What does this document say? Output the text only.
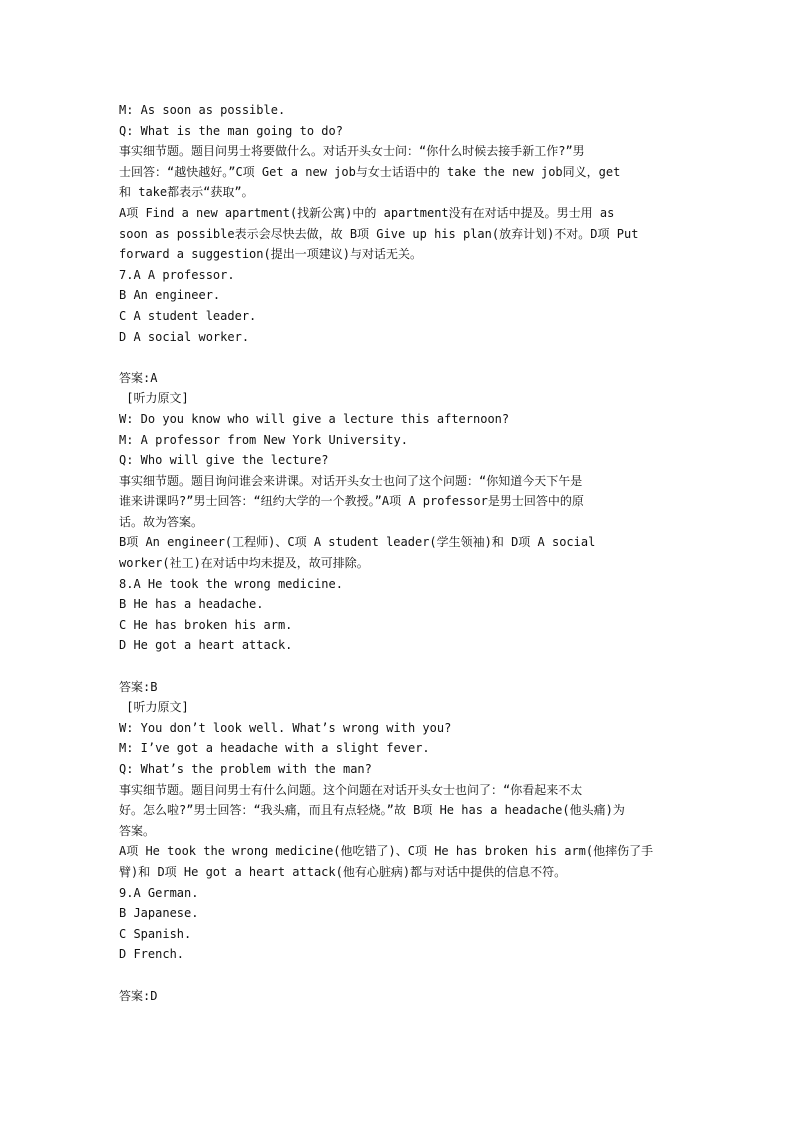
M: As soon as possible.
Q: What is the man going to do?
事实细节题。题目问男士将要做什么。对话开头女士问：“你什么时候去接手新工作?”男
士回答：“越快越好。”C项 Get a new job与女士话语中的 take the new job同义，get
和 take都表示“获取”。
A项 Find a new apartment(找新公寓)中的 apartment没有在对话中提及。男士用 as
soon as possible表示会尽快去做，故 B项 Give up his plan(放弃计划)不对。D项 Put
forward a suggestion(提出一项建议)与对话无关。
7.A A professor.
B An engineer.
C A student leader.
D A social worker.
答案:A
[听力原文]
W: Do you know who will give a lecture this afternoon?
M: A professor from New York University.
Q: Who will give the lecture?
事实细节题。题目询问谁会来讲课。对话开头女士也问了这个问题：“你知道今天下午是
谁来讲课吗?”男士回答：“纽约大学的一个教授。”A项 A professor是男士回答中的原
话。故为答案。
B项 An engineer(工程师)、C项 A student leader(学生领袖)和 D项 A social
worker(社工)在对话中均未提及，故可排除。
8.A He took the wrong medicine.
B He has a headache.
C He has broken his arm.
D He got a heart attack.
答案:B
[听力原文]
W: You don’t look well. What’s wrong with you?
M: I’ve got a headache with a slight fever.
Q: What’s the problem with the man?
事实细节题。题目问男士有什么问题。这个问题在对话开头女士也问了：“你看起来不太
好。怎么啦?”男士回答：“我头痛，而且有点轻烧。”故 B项 He has a headache(他头痛)为
答案。
A项 He took the wrong medicine(他吃错了)、C项 He has broken his arm(他摔伤了手
臂)和 D项 He got a heart attack(他有心脏病)都与对话中提供的信息不符。
9.A German.
B Japanese.
C Spanish.
D French.
答案:D
